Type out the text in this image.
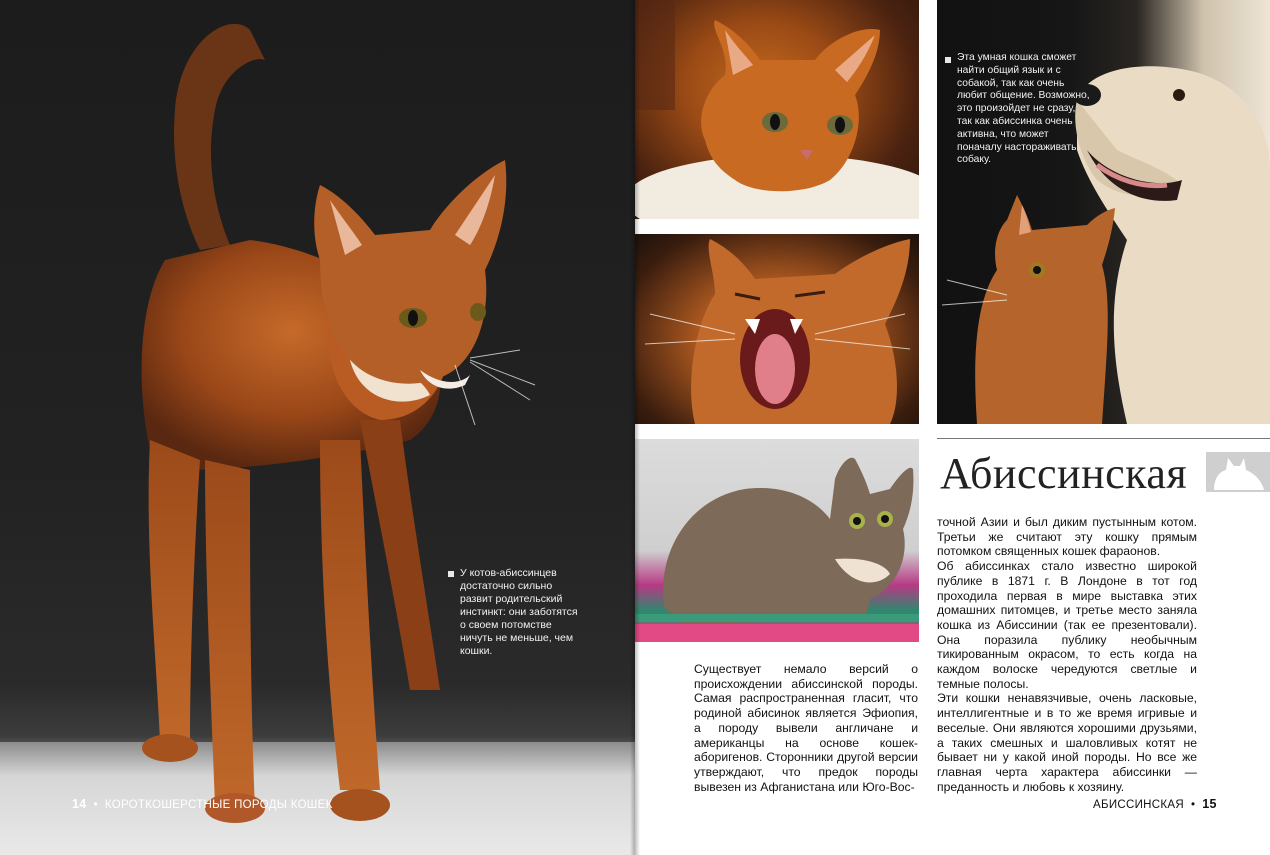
У котов-абиссинцев достаточно сильно развит родительский инстинкт: они заботятся о своем потомстве ничуть не меньше, чем кошки.
14  •  КОРОТКОШЕРСТНЫЕ ПОРОДЫ КОШЕК
Эта умная кошка сможет найти общий язык и с собакой, так как очень любит общение. Возможно, это произойдет не сразу, так как абиссинка очень активна, что может поначалу настораживать собаку.
Абиссинская
Существует немало версий о происхождении абиссинской породы. Самая распространенная гласит, что родиной абисинок является Эфиопия, а породу вывели англичане и американцы на основе кошек-аборигенов. Сторонники другой версии утверждают, что предок породы вывезен из Афганистана или Юго-Вос-
точной Азии и был диким пустынным котом. Третьи же считают эту кошку прямым потомком священных кошек фараонов.
Об абиссинках стало известно широкой публике в 1871 г. В Лондоне в тот год проходила первая в мире выставка этих домашних питомцев, и третье место заняла кошка из Абиссинии (так ее презентовали). Она поразила публику необычным тикированным окрасом, то есть когда на каждом волоске чередуются светлые и темные полосы.
Эти кошки ненавязчивые, очень ласковые, интеллигентные и в то же время игривые и веселые. Они являются хорошими друзьями, а таких смешных и шаловливых котят не бывает ни у какой иной породы. Но все же главная черта характера абиссинки — преданность и любовь к хозяину.
АБИССИНСКАЯ  •  15
